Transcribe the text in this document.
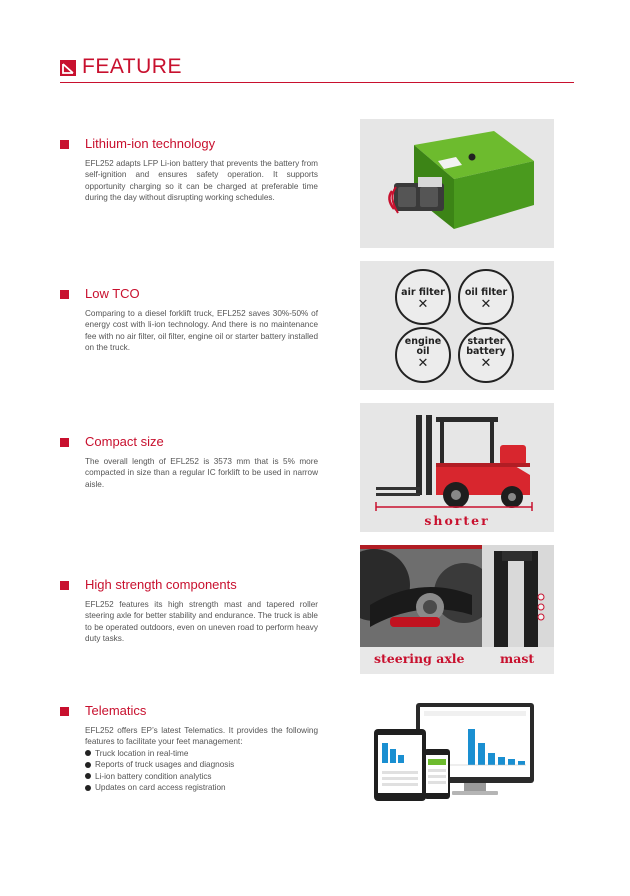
FEATURE
Lithium-ion technology
EFL252 adapts LFP Li-ion battery that prevents the battery from self-ignition and ensures safety operation. It supports opportunity charging so it can be charged at preferable time during the day without disrupting working schedules.
Low TCO
Comparing to a diesel forklift truck, EFL252 saves 30%-50% of energy cost with li-ion technology. And there is no maintenance fee with no air filter, oil filter, engine oil or starter battery installed on the truck.
air filter
✕
oil filter
✕
engine
oil
✕
starter
battery
✕
Compact size
The overall length of EFL252 is 3573 mm that is 5% more compacted in size than a regular IC forklift to be used in narrow aisle.
shorter
High strength components
EFL252 features its high strength mast and tapered roller steering axle for better stability and endurance. The truck is able to be operated outdoors, even on uneven road to perform heavy duty tasks.
steering axle	mast
Telematics
EFL252 offers EP’s latest Telematics. It provides the following features to facilitate your feet management:
Truck location in real-time
Reports of truck usages and diagnosis
Li-ion battery condition analytics
Updates on card access registration
